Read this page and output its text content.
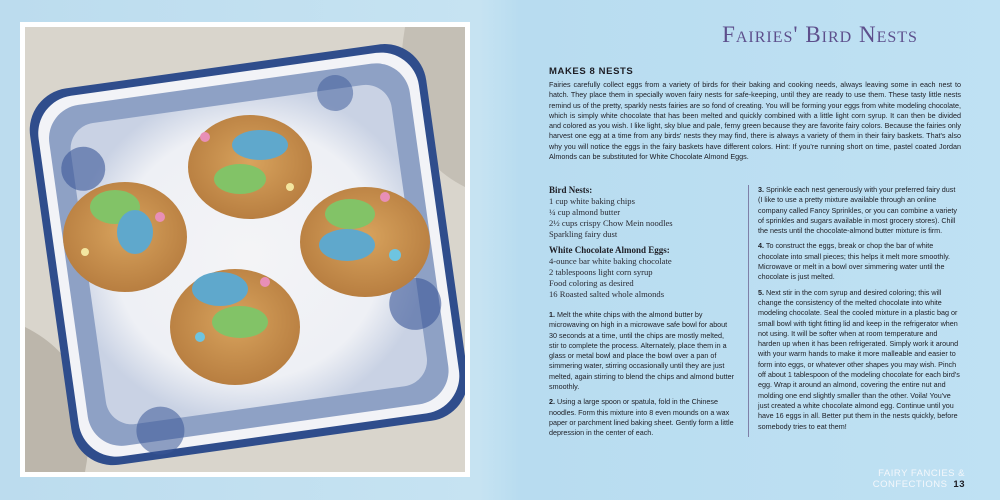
Fairies' Bird Nests
MAKES 8 NESTS

Fairies carefully collect eggs from a variety of birds for their baking and cooking needs, always leaving some in each nest to hatch. They place them in specially woven fairy nests for safe-keeping, until they are ready to use them. These tasty little nests remind us of the pretty, sparkly nests fairies are so fond of creating. You will be forming your eggs from white modeling chocolate, which is simply white chocolate that has been melted and quickly combined with a little light corn syrup. It can then be divided and colored as you wish. I like light, sky blue and pale, ferny green because they are favorite fairy colors. Because the fairies only harvest one egg at a time from any birds' nests they may find, there is always a variety of them in their fairy baskets. That's also why you will notice the eggs in the fairy baskets have different colors. Hint: If you're running short on time, pastel coated Jordan Almonds can be substituted for White Chocolate Almond Eggs.

Bird Nests:
1 cup white baking chips
¼ cup almond butter
2½ cups crispy Chow Mein noodles
Sparkling fairy dust
White Chocolate Almond Eggs:
4-ounce bar white baking chocolate
2 tablespoons light corn syrup
Food coloring as desired
16 Roasted salted whole almonds

1. Melt the white chips with the almond butter by microwaving on high in a microwave safe bowl for about 30 seconds at a time, until the chips are mostly melted, stir to complete the process. Alternately, place them in a glass or metal bowl and place the bowl over a pan of simmering water, stirring occasionally until they are just melted, again stirring to blend the chips and almond butter smoothly.

2. Using a large spoon or spatula, fold in the Chinese noodles. Form this mixture into 8 even mounds on a wax paper or parchment lined baking sheet. Gently form a little depression in the center of each.

3. Sprinkle each nest generously with your preferred fairy dust (I like to use a pretty mixture available through an online company called Fancy Sprinkles, or you can combine a variety of sprinkles and sugars available in most grocery stores). Chill the nests until the chocolate-almond butter mixture is firm.

4. To construct the eggs, break or chop the bar of white chocolate into small pieces; this helps it melt more smoothly. Microwave or melt in a bowl over simmering water until the chocolate is just melted.

5. Next stir in the corn syrup and desired coloring; this will change the consistency of the melted chocolate into white modeling chocolate. Seal the cooled mixture in a plastic bag or small bowl with tight fitting lid and keep in the refrigerator when not using. It will be softer when at room temperature and harden up when it has been refrigerated. Simply work it around with your warm hands to make it more malleable and easier to form into eggs, or whatever other shapes you may wish. Pinch off about 1 tablespoon of the modeling chocolate for each bird's egg. Wrap it around an almond, covering the entire nut and molding one end slightly smaller than the other. Voila! You've just created a white chocolate almond egg. Continue until you have 16 eggs in all. Better put them in the nests quickly, before somebody tries to eat them!

FAIRY FANCIES & CONFECTIONS 13
